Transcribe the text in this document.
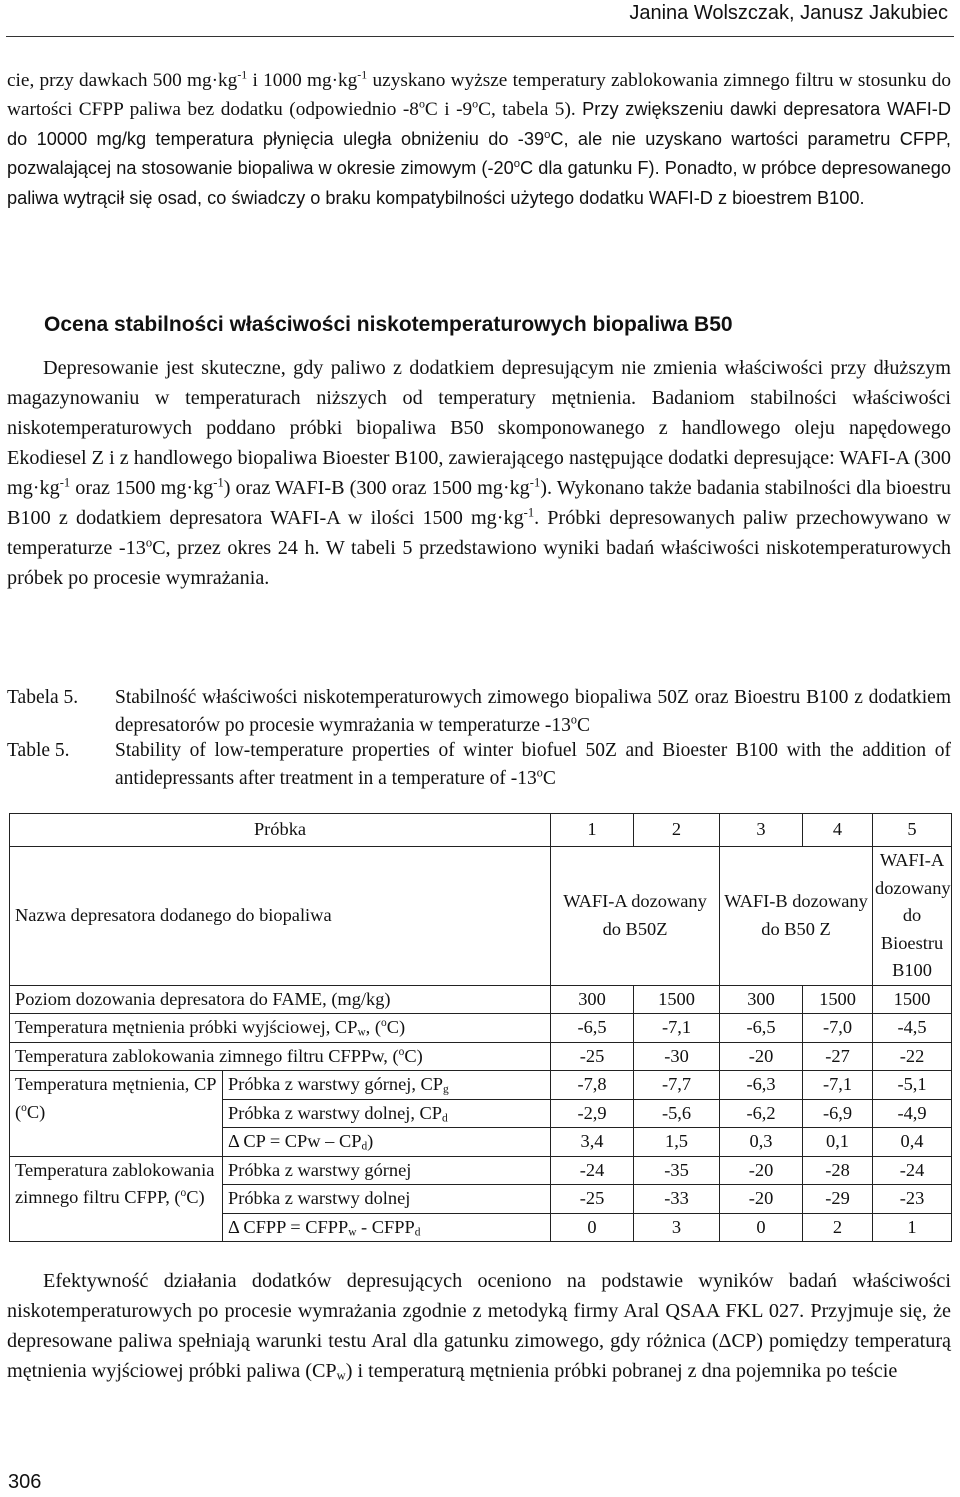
Janina Wolszczak, Janusz Jakubiec
cie, przy dawkach 500 $mg\cdot kg^{-1}$ i 1000 $mg\cdot kg^{-1}$ uzyskano wyższe temperatury zablokowania zimnego filtru w stosunku do wartości CFPP paliwa bez dodatku (odpowiednio -8$^o$C i -9$^o$C, tabela 5). Przy zwiększeniu dawki depresatora WAFI-D do 10000 mg/kg temperatura płynięcia uległa obniżeniu do -39$^o$C, ale nie uzyskano wartości parametru CFPP, pozwalającej na stosowanie biopaliwa w okresie zimowym (-20$^o$C dla gatunku F). Ponadto, w próbce depresowanego paliwa wytrącił się osad, co świadczy o braku kompatybilności użytego dodatku WAFI-D z bioestrem B100.
Ocena stabilności właściwości niskotemperaturowych biopaliwa B50
Depresowanie jest skuteczne, gdy paliwo z dodatkiem depresującym nie zmienia właściwości przy dłuższym magazynowaniu w temperaturach niższych od temperatury mętnienia. Badaniom stabilności właściwości niskotemperaturowych poddano próbki biopaliwa B50 skomponowanego z handlowego oleju napędowego Ekodiesel Z i z handlowego biopaliwa Bioester B100, zawierającego następujące dodatki depresujące: WAFI-A (300 $mg\cdot kg^{-1}$ oraz 1500 $mg\cdot kg^{-1}$) oraz WAFI-B (300 oraz 1500 $mg\cdot kg^{-1}$). Wykonano także badania stabilności dla bioestru B100 z dodatkiem depresatora WAFI-A w ilości 1500 $mg\cdot kg^{-1}$. Próbki depresowanych paliw przechowywano w temperaturze -13$^o$C, przez okres 24 h. W tabeli 5 przedstawiono wyniki badań właściwości niskotemperaturowych próbek po procesie wymrażania.
Tabela 5. Stabilność właściwości niskotemperaturowych zimowego biopaliwa 50Z oraz Bioestru B100 z dodatkiem depresatorów po procesie wymrażania w temperaturze -13$^o$C
Table 5. Stability of low-temperature properties of winter biofuel 50Z and Bioester B100 with the addition of antidepressants after treatment in a temperature of -13$^o$C
Próbka		1	2	3	4	5
Nazwa depresatora dodanego do biopaliwa		WAFI-A dozowany do B50Z		WAFI-B dozowany do B50 Z		WAFI-A dozowany do Bioestru B100
Poziom dozowania depresatora do FAME, (mg/kg)		300	1500	300	1500	1500
Temperatura mętnienia próbki wyjściowej, $CP_w$, ($^o$C)		-6,5	-7,1	-6,5	-7,0	-4,5
Temperatura zablokowania zimnego filtru CFPPw, ($^o$C)		-25	-30	-20	-27	-22
Temperatura mętnienia, CP ($^o$C)	Próbka z warstwy górnej, $CP_g$	-7,8	-7,7	-6,3	-7,1	-5,1
	Próbka z warstwy dolnej, $CP_d$	-2,9	-5,6	-6,2	-6,9	-4,9
	Δ CP = CPw – $CP_d$)	3,4	1,5	0,3	0,1	0,4
Temperatura zablokowania zimnego filtru CFPP, ($^o$C)	Próbka z warstwy górnej	-24	-35	-20	-28	-24
	Próbka z warstwy dolnej	-25	-33	-20	-29	-23
	Δ CFPP = $CFPP_w$ - $CFPP_d$	0	3	0	2	1
Efektywność działania dodatków depresujących oceniono na podstawie wyników badań właściwości niskotemperaturowych po procesie wymrażania zgodnie z metodyką firmy Aral QSAA FKL 027. Przyjmuje się, że depresowane paliwa spełniają warunki testu Aral dla gatunku zimowego, gdy różnica (ΔCP) pomiędzy temperaturą mętnienia wyjściowej próbki paliwa $(CP_w)$ i temperaturą mętnienia próbki pobranej z dna pojemnika po teście
306
